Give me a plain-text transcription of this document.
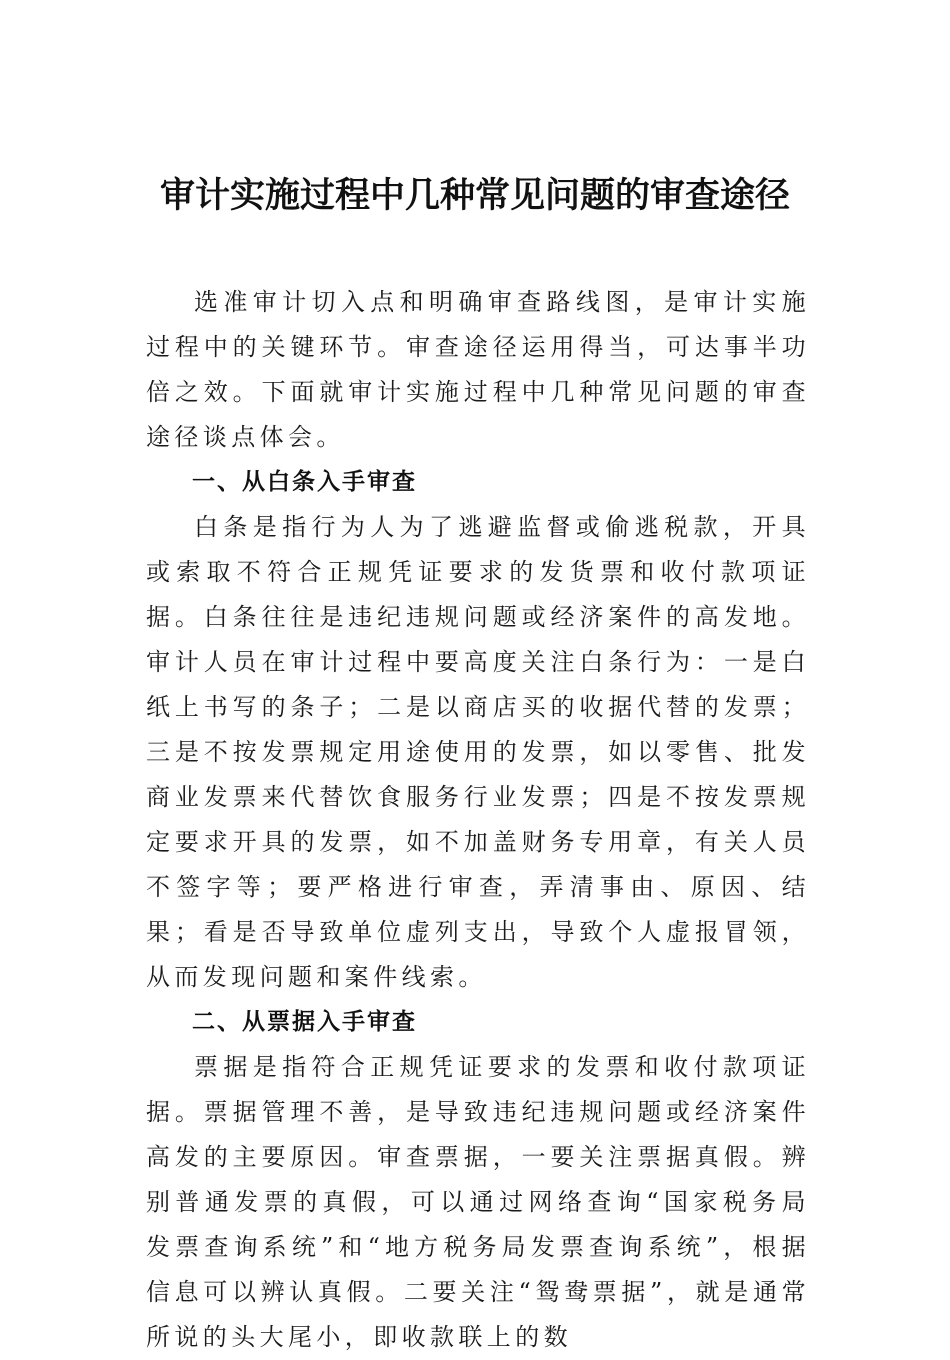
审计实施过程中几种常见问题的审查途径

选准审计切入点和明确审查路线图，是审计实施过程中的关键环节。审查途径运用得当，可达事半功倍之效。下面就审计实施过程中几种常见问题的审查途径谈点体会。

一、从白条入手审查

白条是指行为人为了逃避监督或偷逃税款，开具或索取不符合正规凭证要求的发货票和收付款项证据。白条往往是违纪违规问题或经济案件的高发地。审计人员在审计过程中要高度关注白条行为：一是白纸上书写的条子；二是以商店买的收据代替的发票；三是不按发票规定用途使用的发票，如以零售、批发商业发票来代替饮食服务行业发票；四是不按发票规定要求开具的发票，如不加盖财务专用章，有关人员不签字等；要严格进行审查，弄清事由、原因、结果；看是否导致单位虚列支出，导致个人虚报冒领，从而发现问题和案件线索。

二、从票据入手审查

票据是指符合正规凭证要求的发票和收付款项证据。票据管理不善，是导致违纪违规问题或经济案件高发的主要原因。审查票据，一要关注票据真假。辨别普通发票的真假，可以通过网络查询“国家税务局发票查询系统”和“地方税务局发票查询系统”，根据信息可以辨认真假。二要关注“鸳鸯票据”，就是通常所说的头大尾小，即收款联上的数
